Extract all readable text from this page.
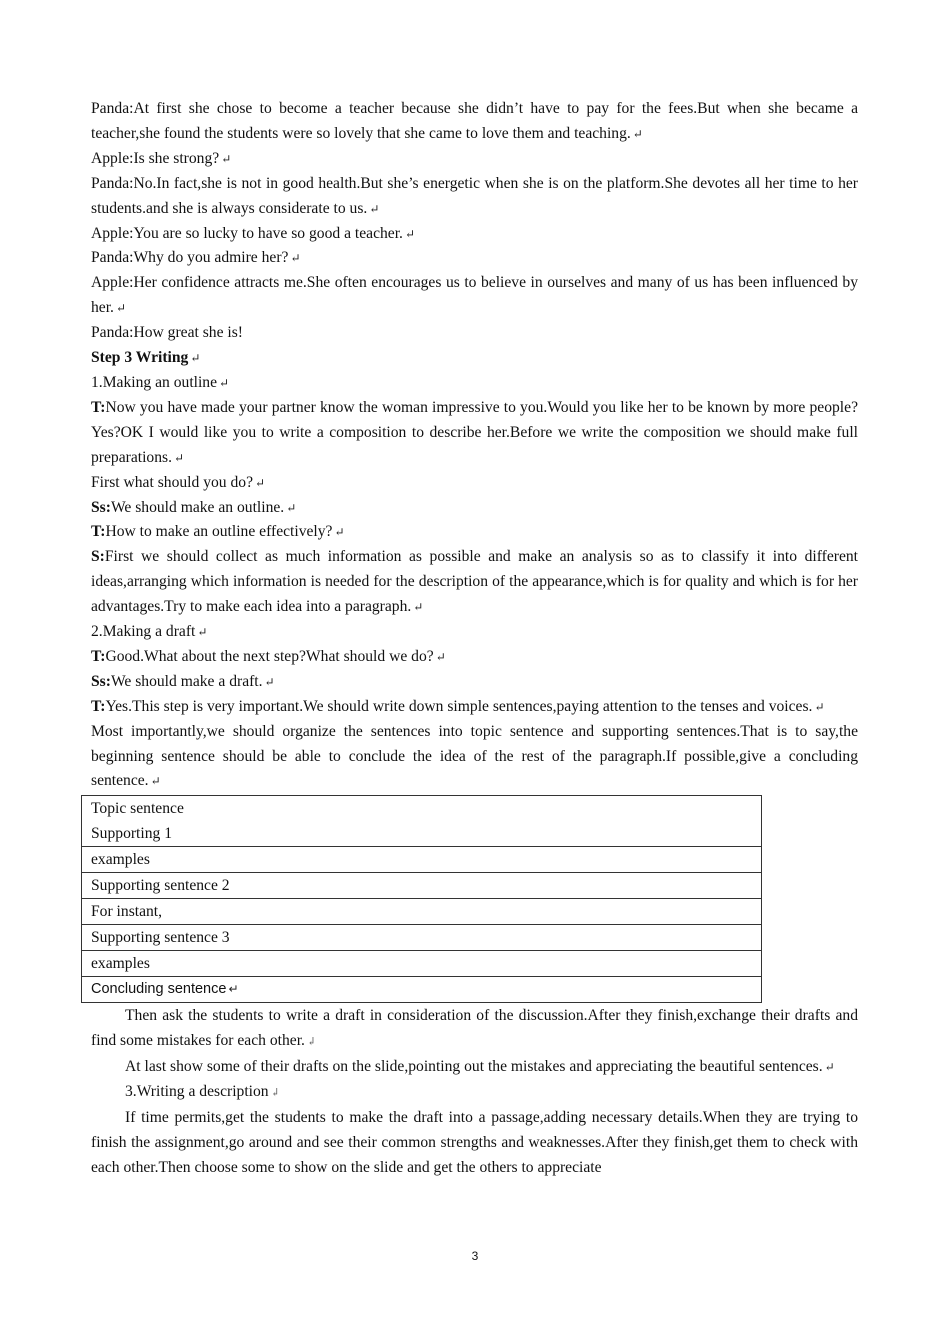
Panda:At first she chose to become a teacher because she didn’t have to pay for the fees.But when she became a teacher,she found the students were so lovely that she came to love them and teaching. ↵

Apple:Is she strong? ↵

Panda:No.In fact,she is not in good health.But she’s energetic when she is on the platform.She devotes all her time to her students.and she is always considerate to us. ↵

Apple:You are so lucky to have so good a teacher. ↵

Panda:Why do you admire her? ↵

Apple:Her confidence attracts me.She often encourages us to believe in ourselves and many of us has been influenced by her. ↵

Panda:How great she is!

Step 3 Writing ↵

1.Making an outline ↵

T:Now you have made your partner know the woman impressive to you.Would you like her to be known by more people?Yes?OK I would like you to write a composition to describe her.Before we write the composition we should make full preparations. ↵

First what should you do? ↵

Ss:We should make an outline. ↵

T:How to make an outline effectively? ↵

S:First we should collect as much information as possible and make an analysis so as to classify it into different ideas,arranging which information is needed for the description of the appearance,which is for quality and which is for her advantages.Try to make each idea into a paragraph. ↵

2.Making a draft ↵

T:Good.What about the next step?What should we do? ↵

Ss:We should make a draft. ↵

T:Yes.This step is very important.We should write down simple sentences,paying attention to the tenses and voices. ↵

Most importantly,we should organize the sentences into topic sentence and supporting sentences.That is to say,the beginning sentence should be able to conclude the idea of the rest of the paragraph.If possible,give a concluding sentence. ↵

Topic sentence
Supporting 1

examples
Supporting sentence 2
For instant,
Supporting sentence 3
examples
Concluding sentence ↵

Then ask the students to write a draft in consideration of the discussion.After they finish,exchange their drafts and find some mistakes for each other. ↲

At last show some of their drafts on the slide,pointing out the mistakes and appreciating the beautiful sentences. ↵

3.Writing a description ↲

If time permits,get the students to make the draft into a passage,adding necessary details.When they are trying to finish the assignment,go around and see their common strengths and weaknesses.After they finish,get them to check with each other.Then choose some to show on the slide and get the others to appreciate

3
